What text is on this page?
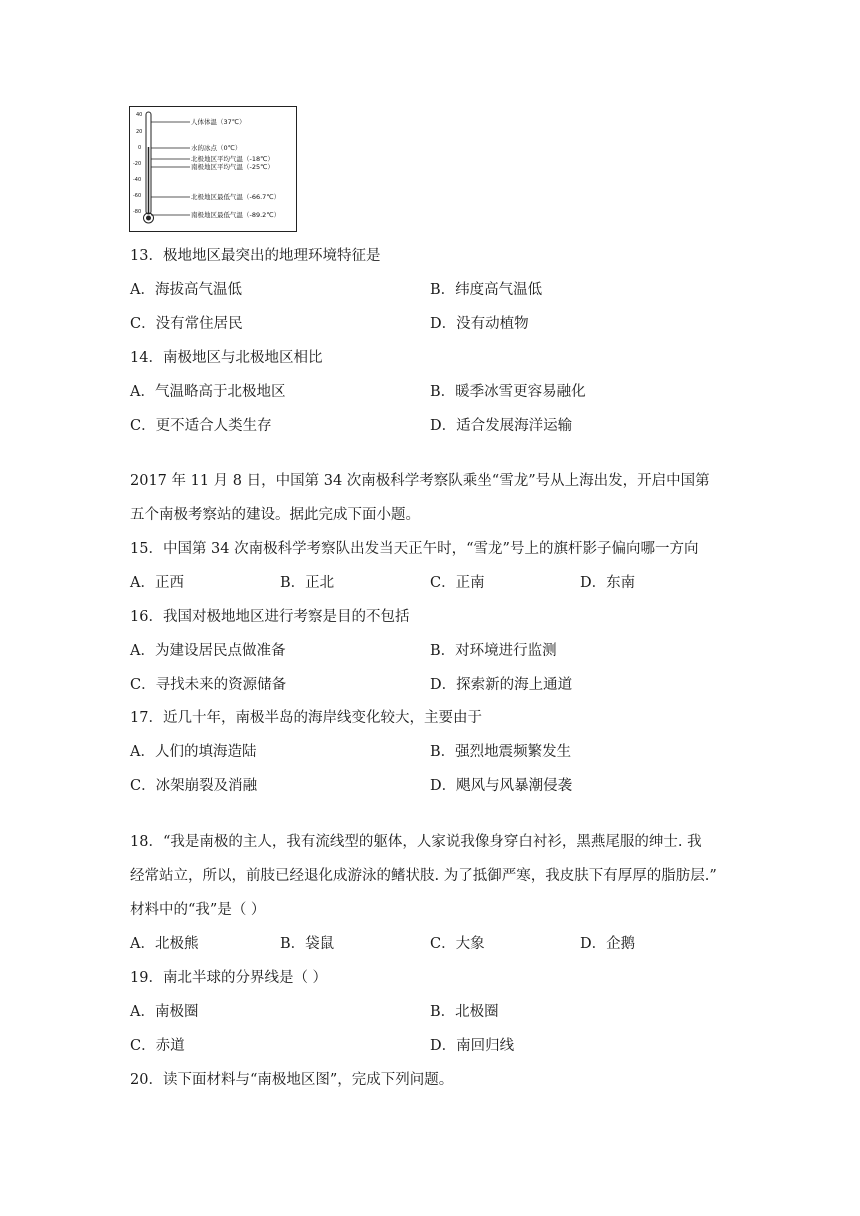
40
20
0
-20
-40
-60
-80
人体体温（37℃）
水的冰点（0℃）
北极地区平均气温（-18℃）
南极地区平均气温（-25℃）
北极地区最低气温（-66.7℃）
南极地区最低气温（-89.2℃）
13．极地地区最突出的地理环境特征是
A．海拔高气温低	B．纬度高气温低
C．没有常住居民	D．没有动植物
14．南极地区与北极地区相比
A．气温略高于北极地区	B．暖季冰雪更容易融化
C．更不适合人类生存	D．适合发展海洋运输
2017 年 11 月 8 日，中国第 34 次南极科学考察队乘坐“雪龙”号从上海出发，开启中国第
五个南极考察站的建设。据此完成下面小题。
15．中国第 34 次南极科学考察队出发当天正午时，“雪龙”号上的旗杆影子偏向哪一方向
A．正西	B．正北	C．正南	D．东南
16．我国对极地地区进行考察是目的不包括
A．为建设居民点做准备	B．对环境进行监测
C．寻找未来的资源储备	D．探索新的海上通道
17．近几十年，南极半岛的海岸线变化较大，主要由于
A．人们的填海造陆	B．强烈地震频繁发生
C．冰架崩裂及消融	D．飓风与风暴潮侵袭
18．“我是南极的主人，我有流线型的躯体，人家说我像身穿白衬衫，黑燕尾服的绅士. 我
经常站立，所以，前肢已经退化成游泳的鳍状肢. 为了抵御严寒，我皮肤下有厚厚的脂肪层.”
材料中的“我”是（ ）
A．北极熊	B．袋鼠	C．大象	D．企鹅
19．南北半球的分界线是（ ）
A．南极圈	B．北极圈
C．赤道	D．南回归线
20．读下面材料与“南极地区图”，完成下列问题。
